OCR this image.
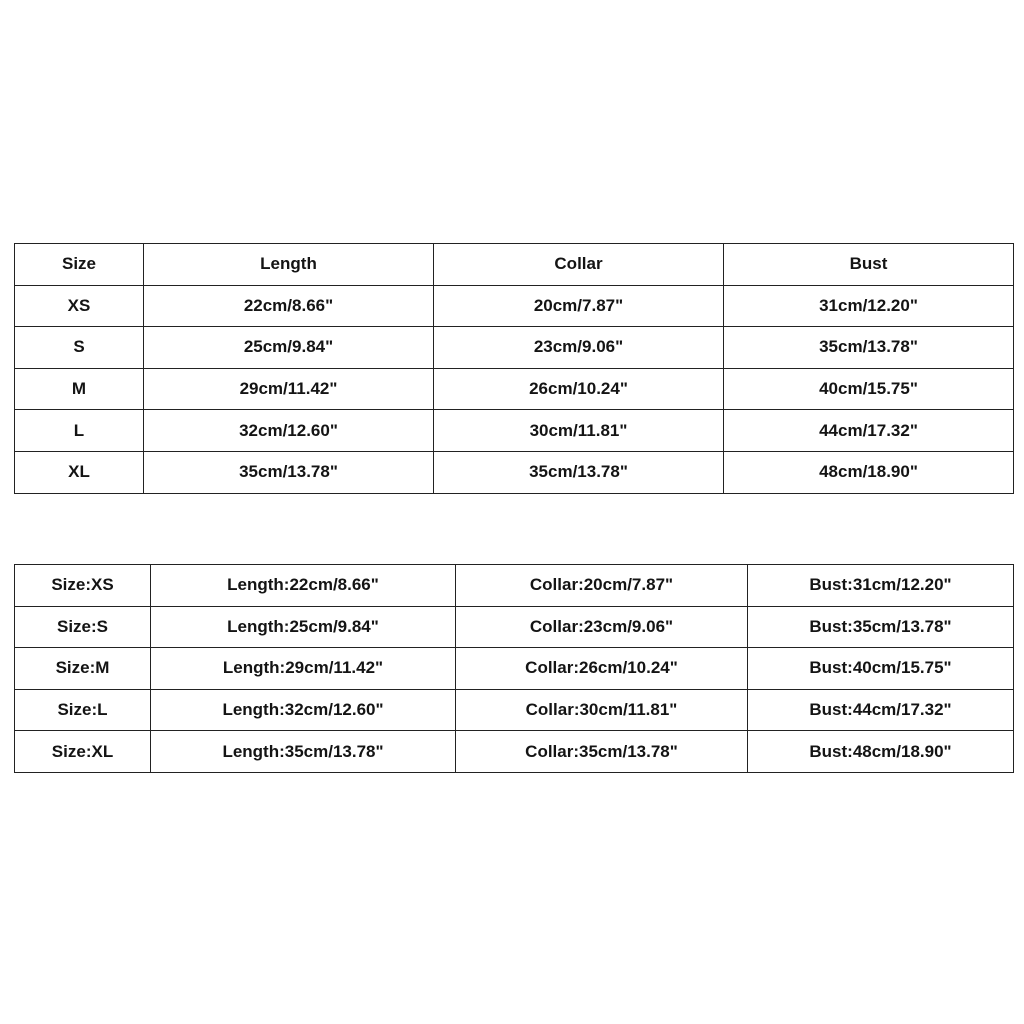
Size	Length	Collar	Bust
XS	22cm/8.66"	20cm/7.87"	31cm/12.20"
S	25cm/9.84"	23cm/9.06"	35cm/13.78"
M	29cm/11.42"	26cm/10.24"	40cm/15.75"
L	32cm/12.60"	30cm/11.81"	44cm/17.32"
XL	35cm/13.78"	35cm/13.78"	48cm/18.90"
Size:XS	Length:22cm/8.66"	Collar:20cm/7.87"	Bust:31cm/12.20"
Size:S	Length:25cm/9.84"	Collar:23cm/9.06"	Bust:35cm/13.78"
Size:M	Length:29cm/11.42"	Collar:26cm/10.24"	Bust:40cm/15.75"
Size:L	Length:32cm/12.60"	Collar:30cm/11.81"	Bust:44cm/17.32"
Size:XL	Length:35cm/13.78"	Collar:35cm/13.78"	Bust:48cm/18.90"
